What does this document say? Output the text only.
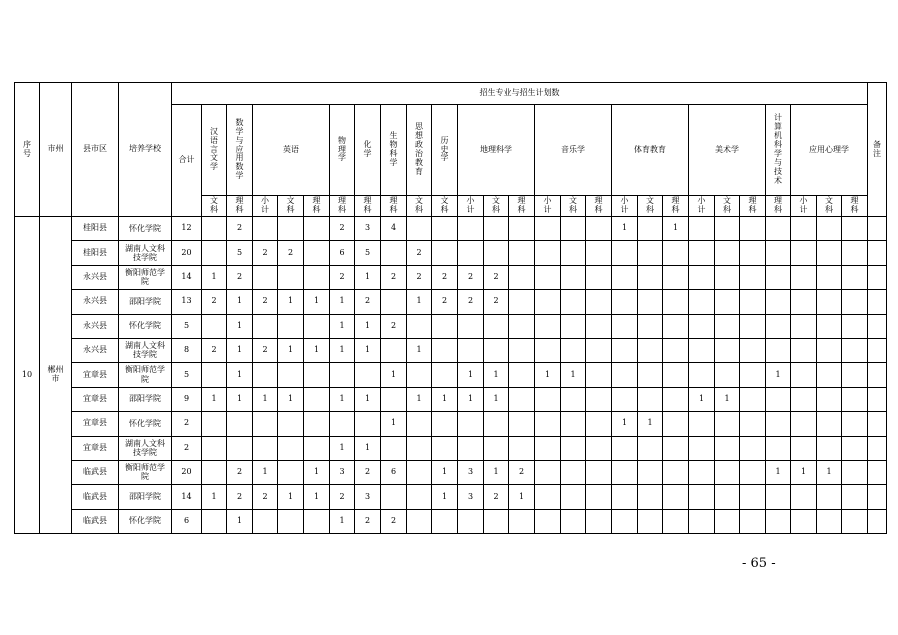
序号	市州	县市区	培养学校	招生专业与招生计划数																											备注
				合计	汉语言文学	数学与应用数学	英语			物理学	化学	生物科学	思想政治教育	历史学	地理科学			音乐学			体育教育			美术学			计算机科学与技术	应用心理学			
					文科	理科	小计	文科	理科	理科	理科	理科	文科	文科	小计	文科	理科	小计	文科	理科	小计	文科	理科	小计	文科	理科	理科	小计	文科	理科	
10	郴州市	桂阳县	怀化学院	12		2				2	3	4									1		1								
		桂阳县	湖南人文科技学院	20		5	2	2		6	5		2																		
		永兴县	衡阳师范学院	14	1	2				2	1	2	2	2	2	2															
		永兴县	邵阳学院	13	2	1	2	1	1	1	2		1	2	2	2															
		永兴县	怀化学院	5		1				1	1	2																			
		永兴县	湖南人文科技学院	8	2	1	2	1	1	1	1		1																		
		宜章县	衡阳师范学院	5		1						1			1	1		1	1								1				
		宜章县	邵阳学院	9	1	1	1	1		1	1		1	1	1	1								1	1						
		宜章县	怀化学院	2								1									1	1									
		宜章县	湖南人文科技学院	2						1	1																				
		临武县	衡阳师范学院	20		2	1		1	3	2	6		1	3	1	2										1	1	1		
		临武县	邵阳学院	14	1	2	2	1	1	2	3			1	3	2	1														
		临武县	怀化学院	6		1				1	2	2																			
- 65 -
